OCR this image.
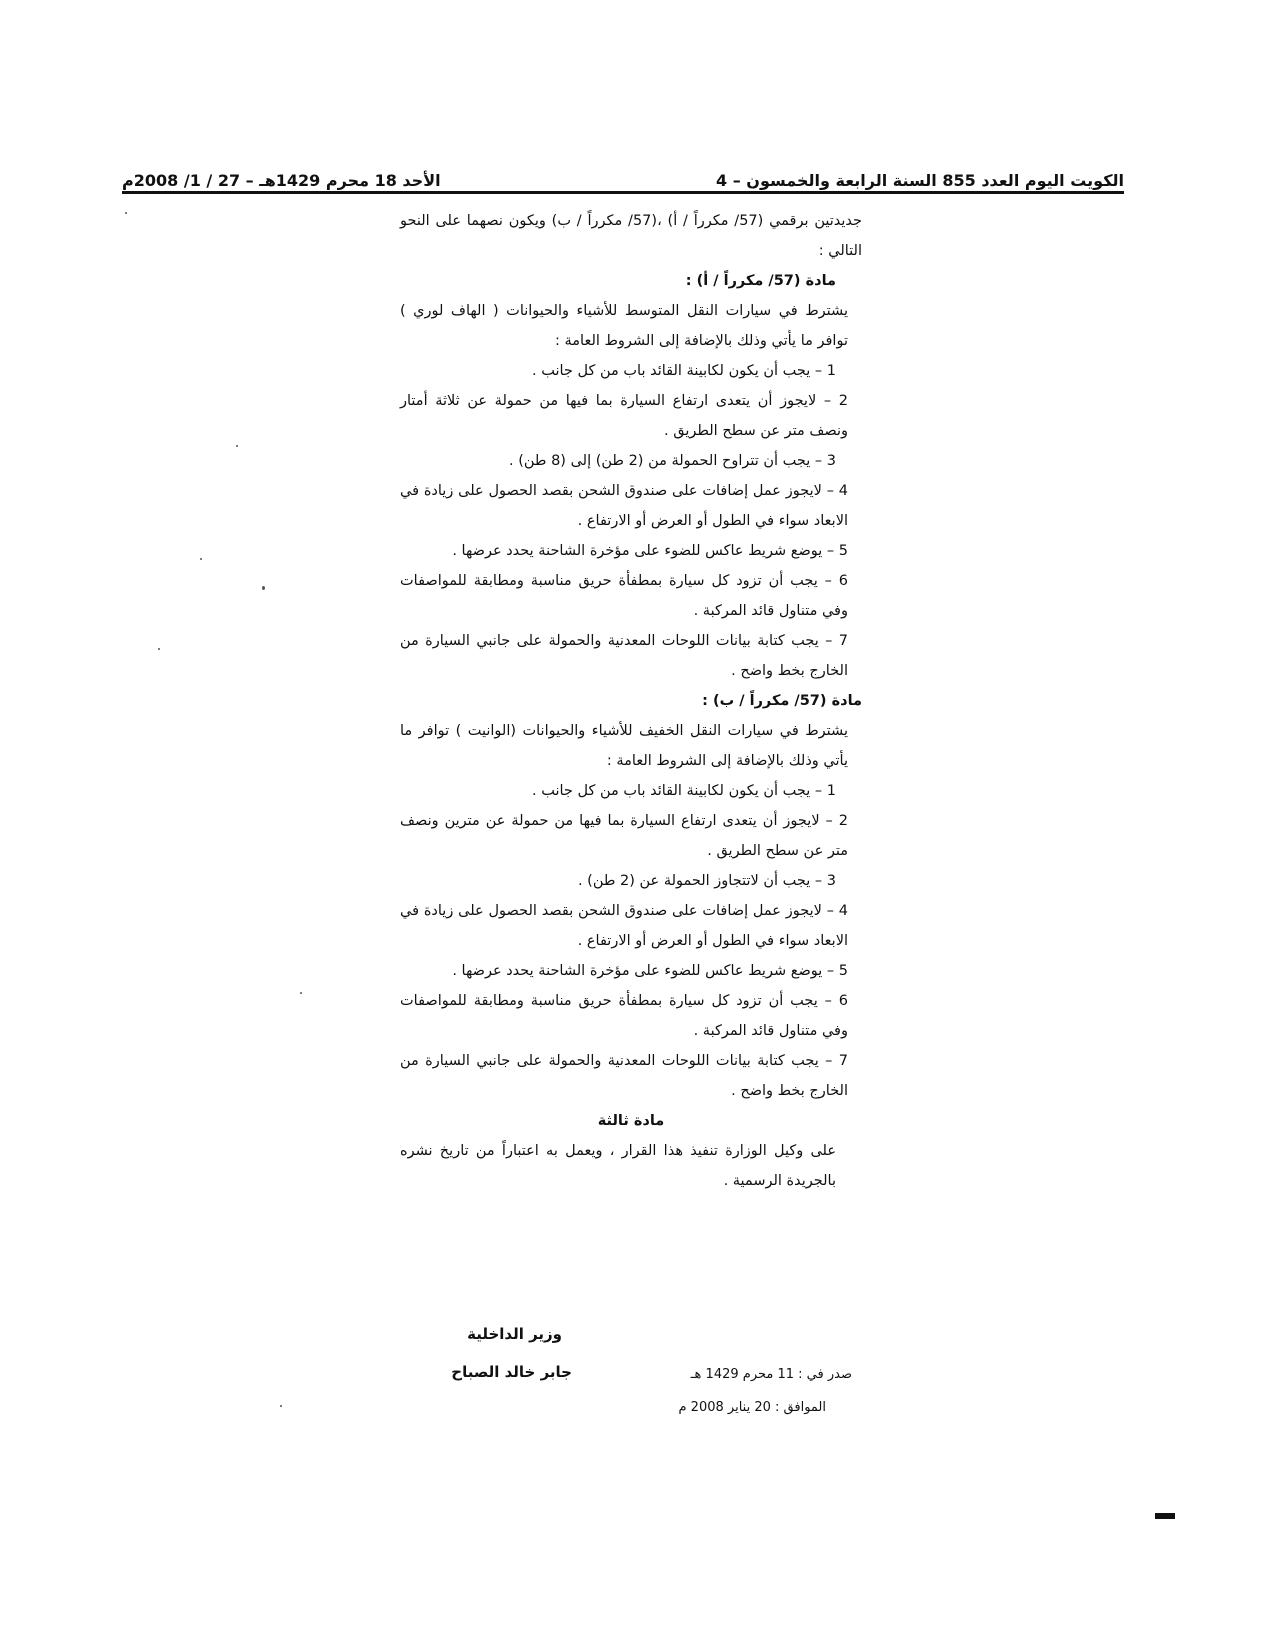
الكويت اليوم العدد 855 السنة الرابعة والخمسون – 4
الأحد 18 محرم 1429هـ – 27 / 1/ 2008م

جديدتين برقمي (57/ مكرراً / أ) ،(57/ مكرراً / ب) ويكون نصهما على النحو التالي :

مادة (57/ مكرراً / أ) :

يشترط في سيارات النقل المتوسط للأشياء والحيوانات ( الهاف لوري ) توافر ما يأتي وذلك بالإضافة إلى الشروط العامة :

1 – يجب أن يكون لكابينة القائد باب من كل جانب .

2 – لايجوز أن يتعدى ارتفاع السيارة بما فيها من حمولة عن ثلاثة أمتار ونصف متر عن سطح الطريق .

3 – يجب أن تتراوح الحمولة من (2 طن) إلى (8 طن) .

4 – لايجوز عمل إضافات على صندوق الشحن بقصد الحصول على زيادة في الابعاد سواء في الطول أو العرض أو الارتفاع .

5 – يوضع شريط عاكس للضوء على مؤخرة الشاحنة يحدد عرضها .

6 – يجب أن تزود كل سيارة بمطفأة حريق مناسبة ومطابقة للمواصفات وفي متناول قائد المركبة .

7 – يجب كتابة بيانات اللوحات المعدنية والحمولة على جانبي السيارة من الخارج بخط واضح .

مادة (57/ مكرراً / ب) :

يشترط في سيارات النقل الخفيف للأشياء والحيوانات (الوانيت ) توافر ما يأتي وذلك بالإضافة إلى الشروط العامة :

1 – يجب أن يكون لكابينة القائد باب من كل جانب .

2 – لايجوز أن يتعدى ارتفاع السيارة بما فيها من حمولة عن مترين ونصف متر عن سطح الطريق .

3 – يجب أن لاتتجاوز الحمولة عن (2 طن) .

4 – لايجوز عمل إضافات على صندوق الشحن بقصد الحصول على زيادة في الابعاد سواء في الطول أو العرض أو الارتفاع .

5 – يوضع شريط عاكس للضوء على مؤخرة الشاحنة يحدد عرضها .

6 – يجب أن تزود كل سيارة بمطفأة حريق مناسبة ومطابقة للمواصفات وفي متناول قائد المركبة .

7 – يجب كتابة بيانات اللوحات المعدنية والحمولة على جانبي السيارة من الخارج بخط واضح .

مادة ثالثة

على وكيل الوزارة تنفيذ هذا القرار ، ويعمل به اعتباراً من تاريخ نشره بالجريدة الرسمية .

وزير الداخلية
جابر خالد الصباح	صدر في : 11 محرم 1429 هـ
الموافق : 20 يناير 2008 م
